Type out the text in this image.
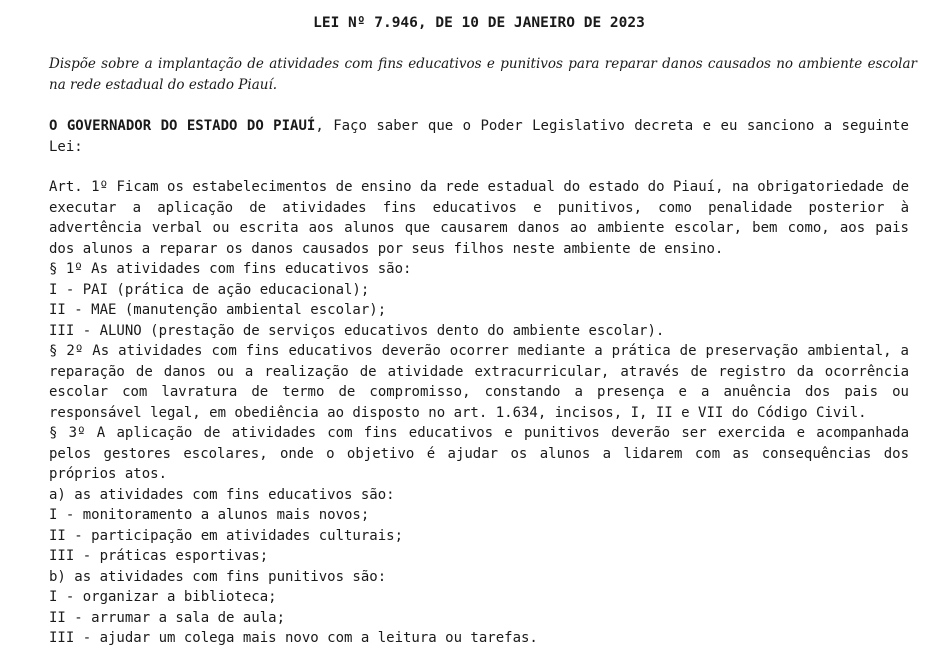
LEI Nº 7.946, DE 10 DE JANEIRO DE 2023
Dispõe sobre a implantação de atividades com fins educativos e punitivos para reparar danos causados no ambiente escolar na rede estadual do estado Piauí.
O GOVERNADOR DO ESTADO DO PIAUÍ, Faço saber que o Poder Legislativo decreta e eu sanciono a seguinte Lei:

Art. 1º Ficam os estabelecimentos de ensino da rede estadual do estado do Piauí, na obrigatoriedade de executar a aplicação de atividades fins educativos e punitivos, como penalidade posterior à advertência verbal ou escrita aos alunos que causarem danos ao ambiente escolar, bem como, aos pais dos alunos a reparar os danos causados por seus filhos neste ambiente de ensino.

§ 1º As atividades com fins educativos são:

I - PAI (prática de ação educacional);

II - MAE (manutenção ambiental escolar);

III - ALUNO (prestação de serviços educativos dento do ambiente escolar).

§ 2º As atividades com fins educativos deverão ocorrer mediante a prática de preservação ambiental, a reparação de danos ou a realização de atividade extracurricular, através de registro da ocorrência escolar com lavratura de termo de compromisso, constando a presença e a anuência dos pais ou responsável legal, em obediência ao disposto no art. 1.634, incisos, I, II e VII do Código Civil.

§ 3º A aplicação de atividades com fins educativos e punitivos deverão ser exercida e acompanhada pelos gestores escolares, onde o objetivo é ajudar os alunos a lidarem com as consequências dos próprios atos.

a) as atividades com fins educativos são:

I - monitoramento a alunos mais novos;

II - participação em atividades culturais;

III - práticas esportivas;

b) as atividades com fins punitivos são:

I - organizar a biblioteca;

II - arrumar a sala de aula;

III - ajudar um colega mais novo com a leitura ou tarefas.
